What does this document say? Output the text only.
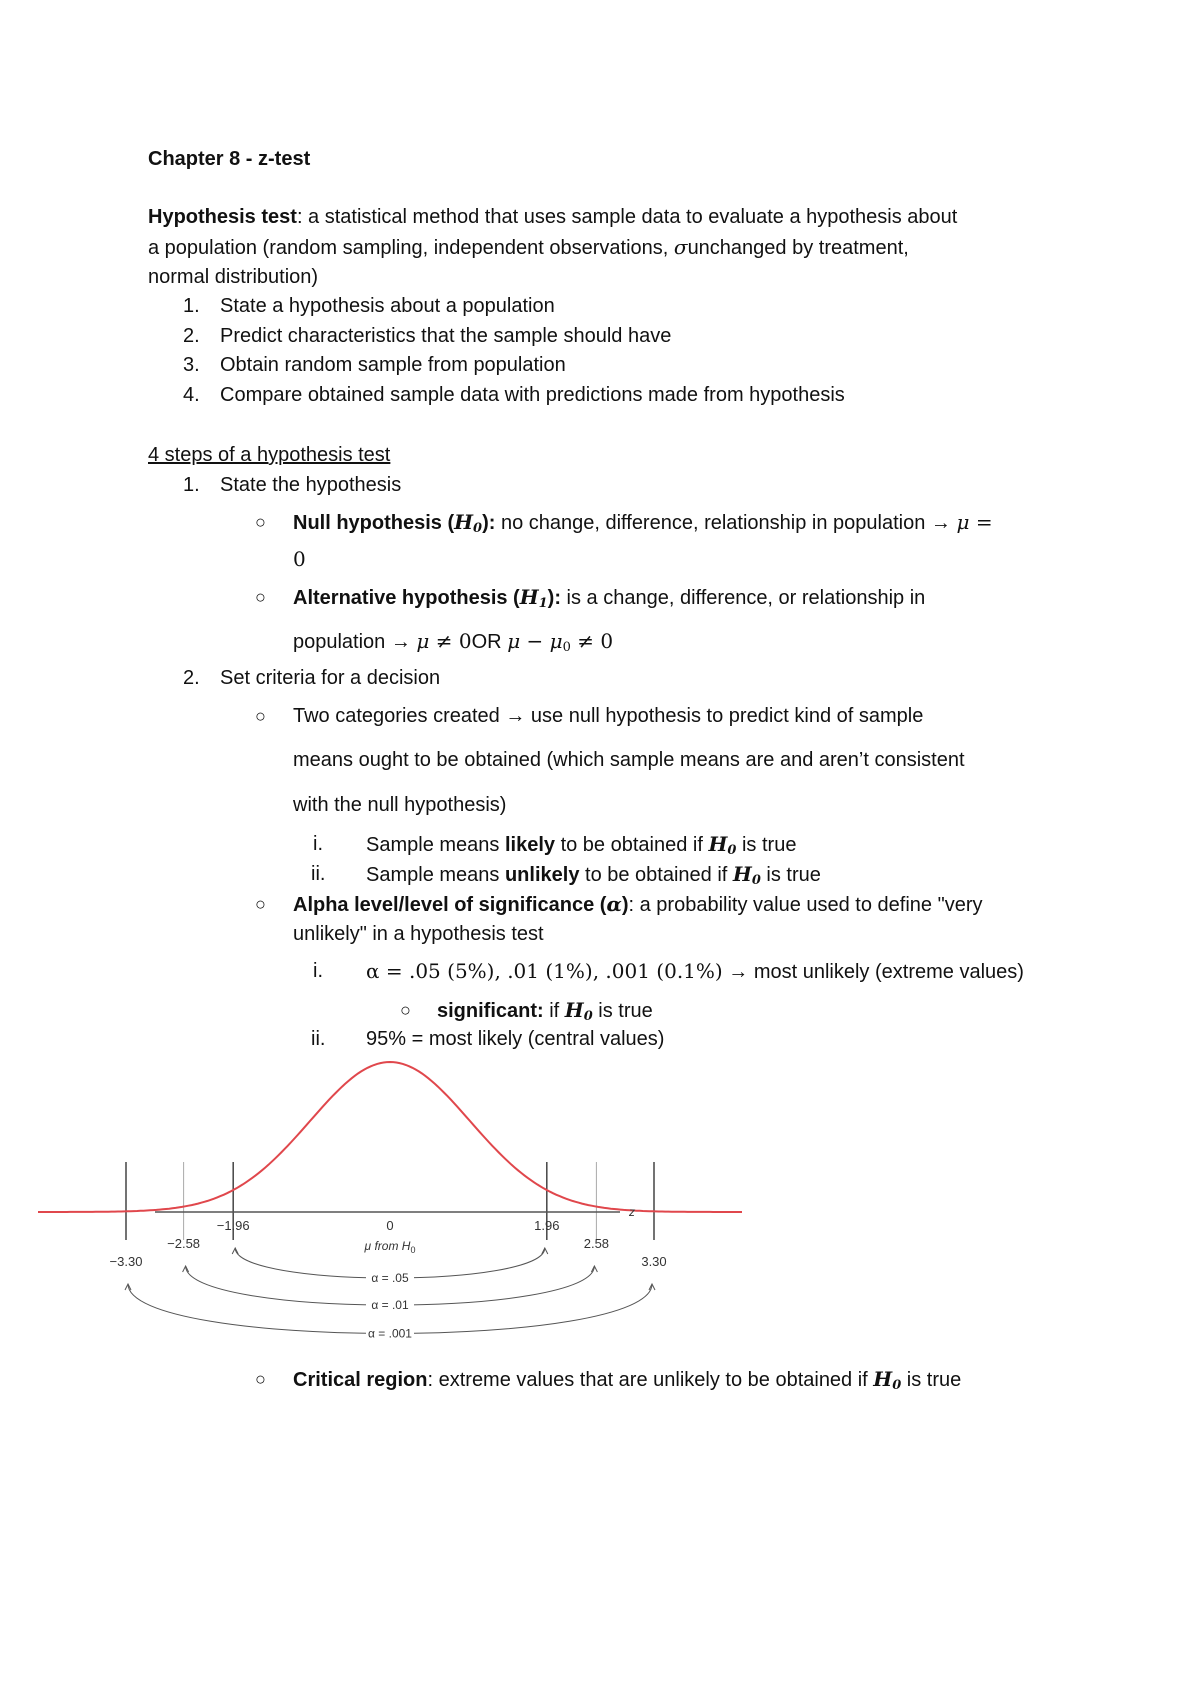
Chapter 8 - z-test
Hypothesis test: a statistical method that uses sample data to evaluate a hypothesis about
a population (random sampling, independent observations, σunchanged by treatment,
normal distribution)
1. State a hypothesis about a population
2. Predict characteristics that the sample should have
3. Obtain random sample from population
4. Compare obtained sample data with predictions made from hypothesis
4 steps of a hypothesis test
1. State the hypothesis
○ Null hypothesis $(H_0)$: no change, difference, relationship in population → μ =
0
○ Alternative hypothesis $(H_1)$: is a change, difference, or relationship in
population → μ ≠ 0OR $\mu - \mu_0 \ne 0$
2. Set criteria for a decision
○ Two categories created → use null hypothesis to predict kind of sample
means ought to be obtained (which sample means are and aren’t consistent
with the null hypothesis)
i. Sample means likely to be obtained if $H_0$ is true
ii. Sample means unlikely to be obtained if $H_0$ is true
○ Alpha level/level of significance (α): a probability value used to define "very
unlikely" in a hypothesis test
i. α = .05 (5%), .01 (1%), .001 (0.1%) → most unlikely (extreme values)
○ significant: if $H_0$ is true
ii. 95% = most likely (central values)
z
0
μ from $H_0$
−3.30
−2.58
−1.96	1.96
2.58
3.30
α = .05
α = .01
α = .001
○ Critical region: extreme values that are unlikely to be obtained if $H_0$ is true
